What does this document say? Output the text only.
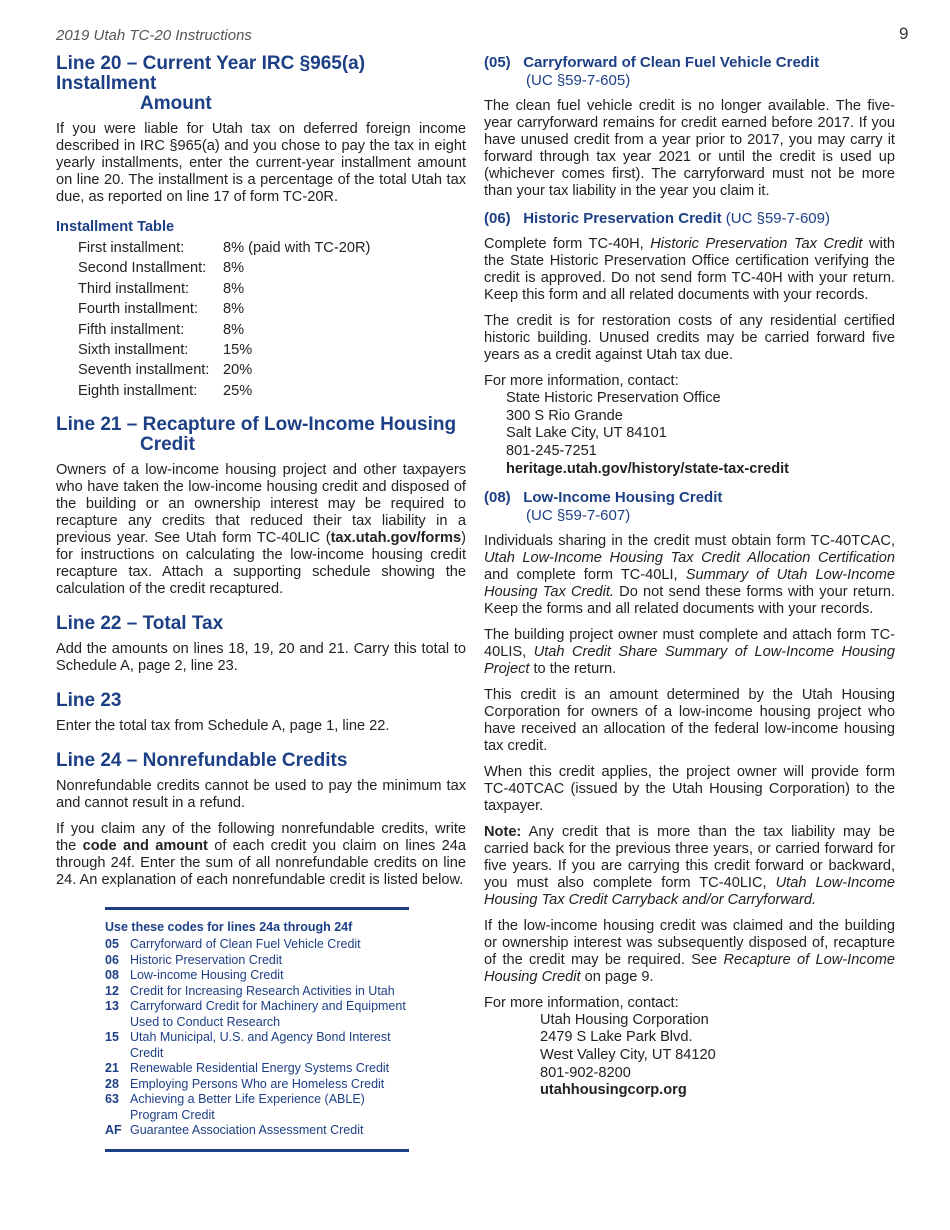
2019 Utah TC-20 Instructions	9
Line 20 – Current Year IRC §965(a) Installment
Amount

If you were liable for Utah tax on deferred foreign income described in IRC §965(a) and you chose to pay the tax in eight yearly installments, enter the current-year installment amount on line 20. The installment is a percentage of the total Utah tax due, as reported on line 17 of form TC-20R.

Installment Table
First installment:	8% (paid with TC-20R)
Second Installment:	8%
Third installment:	8%
Fourth installment:	8%
Fifth installment:	8%
Sixth installment:	15%
Seventh installment: 20%
Eighth installment:	25%
Line 21 – Recapture of Low-Income Housing
Credit

Owners of a low-income housing project and other taxpayers who have taken the low-income housing credit and disposed of the building or an ownership interest may be required to recapture any credits that reduced their tax liability in a previous year. See Utah form TC-40LIC (tax.utah.gov/forms) for instructions on calculating the low-income housing credit recapture tax. Attach a supporting schedule showing the calculation of the credit recaptured.

Line 22 – Total Tax

Add the amounts on lines 18, 19, 20 and 21. Carry this total to Schedule A, page 2, line 23.

Line 23

Enter the total tax from Schedule A, page 1, line 22.

Line 24 – Nonrefundable Credits

Nonrefundable credits cannot be used to pay the minimum tax and cannot result in a refund.

If you claim any of the following nonrefundable credits, write the code and amount of each credit you claim on lines 24a through 24f. Enter the sum of all nonrefundable credits on line 24. An explanation of each nonrefundable credit is listed below.

Use these codes for lines 24a through 24f
05 Carryforward of Clean Fuel Vehicle Credit
06 Historic Preservation Credit
08 Low-income Housing Credit
12 Credit for Increasing Research Activities in Utah
13 Carryforward Credit for Machinery and Equipment Used to Conduct Research
15 Utah Municipal, U.S. and Agency Bond Interest Credit
21 Renewable Residential Energy Systems Credit
28 Employing Persons Who are Homeless Credit
63 Achieving a Better Life Experience (ABLE) Program Credit
AF Guarantee Association Assessment Credit
(05) Carryforward of Clean Fuel Vehicle Credit
(UC §59-7-605)

The clean fuel vehicle credit is no longer available. The five-year carryforward remains for credit earned before 2017. If you have unused credit from a year prior to 2017, you may carry it forward through tax year 2021 or until the credit is used up (whichever comes first). The carryforward must not be more than your tax liability in the year you claim it.

(06) Historic Preservation Credit (UC §59-7-609)

Complete form TC-40H, Historic Preservation Tax Credit with the State Historic Preservation Office certification verifying the credit is approved. Do not send form TC-40H with your return. Keep this form and all related documents with your records.

The credit is for restoration costs of any residential certified historic building. Unused credits may be carried forward five years as a credit against Utah tax due.

For more information, contact:

State Historic Preservation Office
300 S Rio Grande
Salt Lake City, UT 84101
801-245-7251
heritage.utah.gov/history/state-tax-credit
(08) Low-Income Housing Credit
(UC §59-7-607)

Individuals sharing in the credit must obtain form TC-40TCAC, Utah Low-Income Housing Tax Credit Allocation Certification and complete form TC-40LI, Summary of Utah Low-Income Housing Tax Credit. Do not send these forms with your return. Keep the forms and all related documents with your records.

The building project owner must complete and attach form TC-40LIS, Utah Credit Share Summary of Low-Income Housing Project to the return.

This credit is an amount determined by the Utah Housing Corporation for owners of a low-income housing project who have received an allocation of the federal low-income housing tax credit.

When this credit applies, the project owner will provide form TC-40TCAC (issued by the Utah Housing Corporation) to the taxpayer.

Note: Any credit that is more than the tax liability may be carried back for the previous three years, or carried forward for five years. If you are carrying this credit forward or backward, you must also complete form TC-40LIC, Utah Low-Income Housing Tax Credit Carryback and/or Carryforward.

If the low-income housing credit was claimed and the building or ownership interest was subsequently disposed of, recapture of the credit may be required. See Recapture of Low-Income Housing Credit on page 9.

For more information, contact:

Utah Housing Corporation
2479 S Lake Park Blvd.
West Valley City, UT 84120
801-902-8200
utahhousingcorp.org
